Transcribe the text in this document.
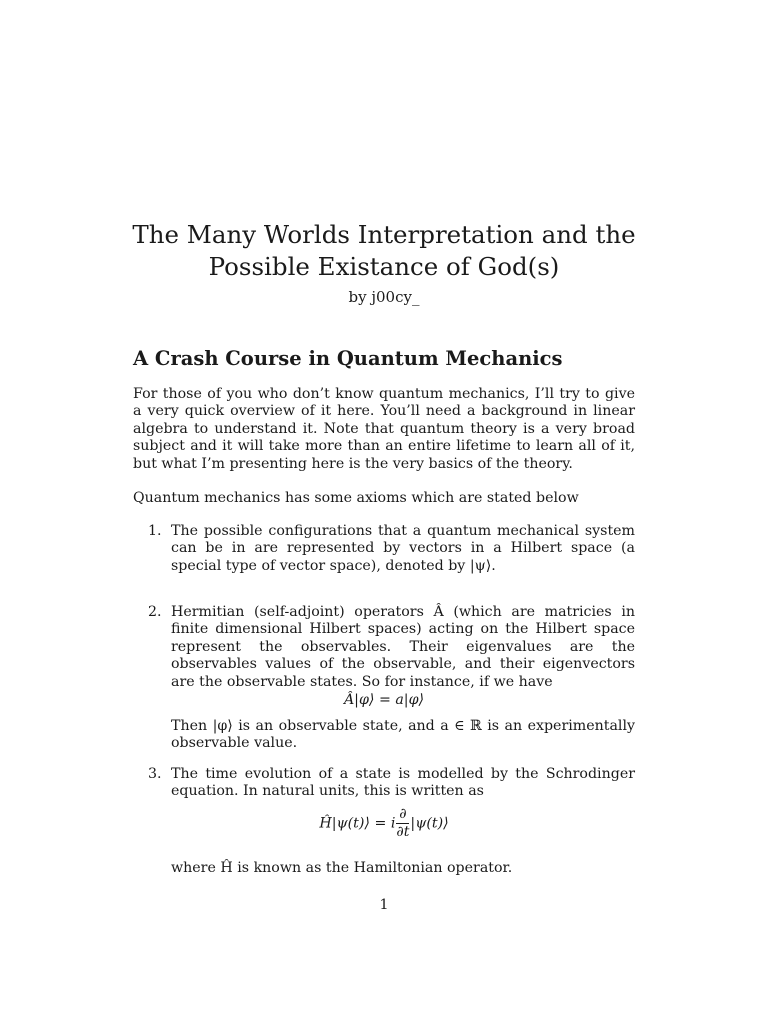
The Many Worlds Interpretation and the
Possible Existance of God(s)
by j00cy_
A Crash Course in Quantum Mechanics

For those of you who don’t know quantum mechanics, I’ll try to give a very quick overview of it here. You’ll need a background in linear algebra to understand it. Note that quantum theory is a very broad subject and it will take more than an entire lifetime to learn all of it, but what I’m presenting here is the very basics of the theory.

Quantum mechanics has some axioms which are stated below

1. The possible configurations that a quantum mechanical system can be in are represented by vectors in a Hilbert space (a special type of vector space), denoted by |ψ⟩.
2. Hermitian (self-adjoint) operators Â (which are matricies in finite dimensional Hilbert spaces) acting on the Hilbert space represent the observables. Their eigenvalues are the observables values of the observable, and their eigenvectors are the observable states. So for instance, if we have
Â|φ⟩ = a|φ⟩
Then |φ⟩ is an observable state, and a ∈ ℝ is an experimentally observable value.
3. The time evolution of a state is modelled by the Schrodinger equation. In natural units, this is written as
Ĥ|ψ(t)⟩ = i $\frac{\partial}{\partial t}$ |ψ(t)⟩
where Ĥ is known as the Hamiltonian operator.
1
